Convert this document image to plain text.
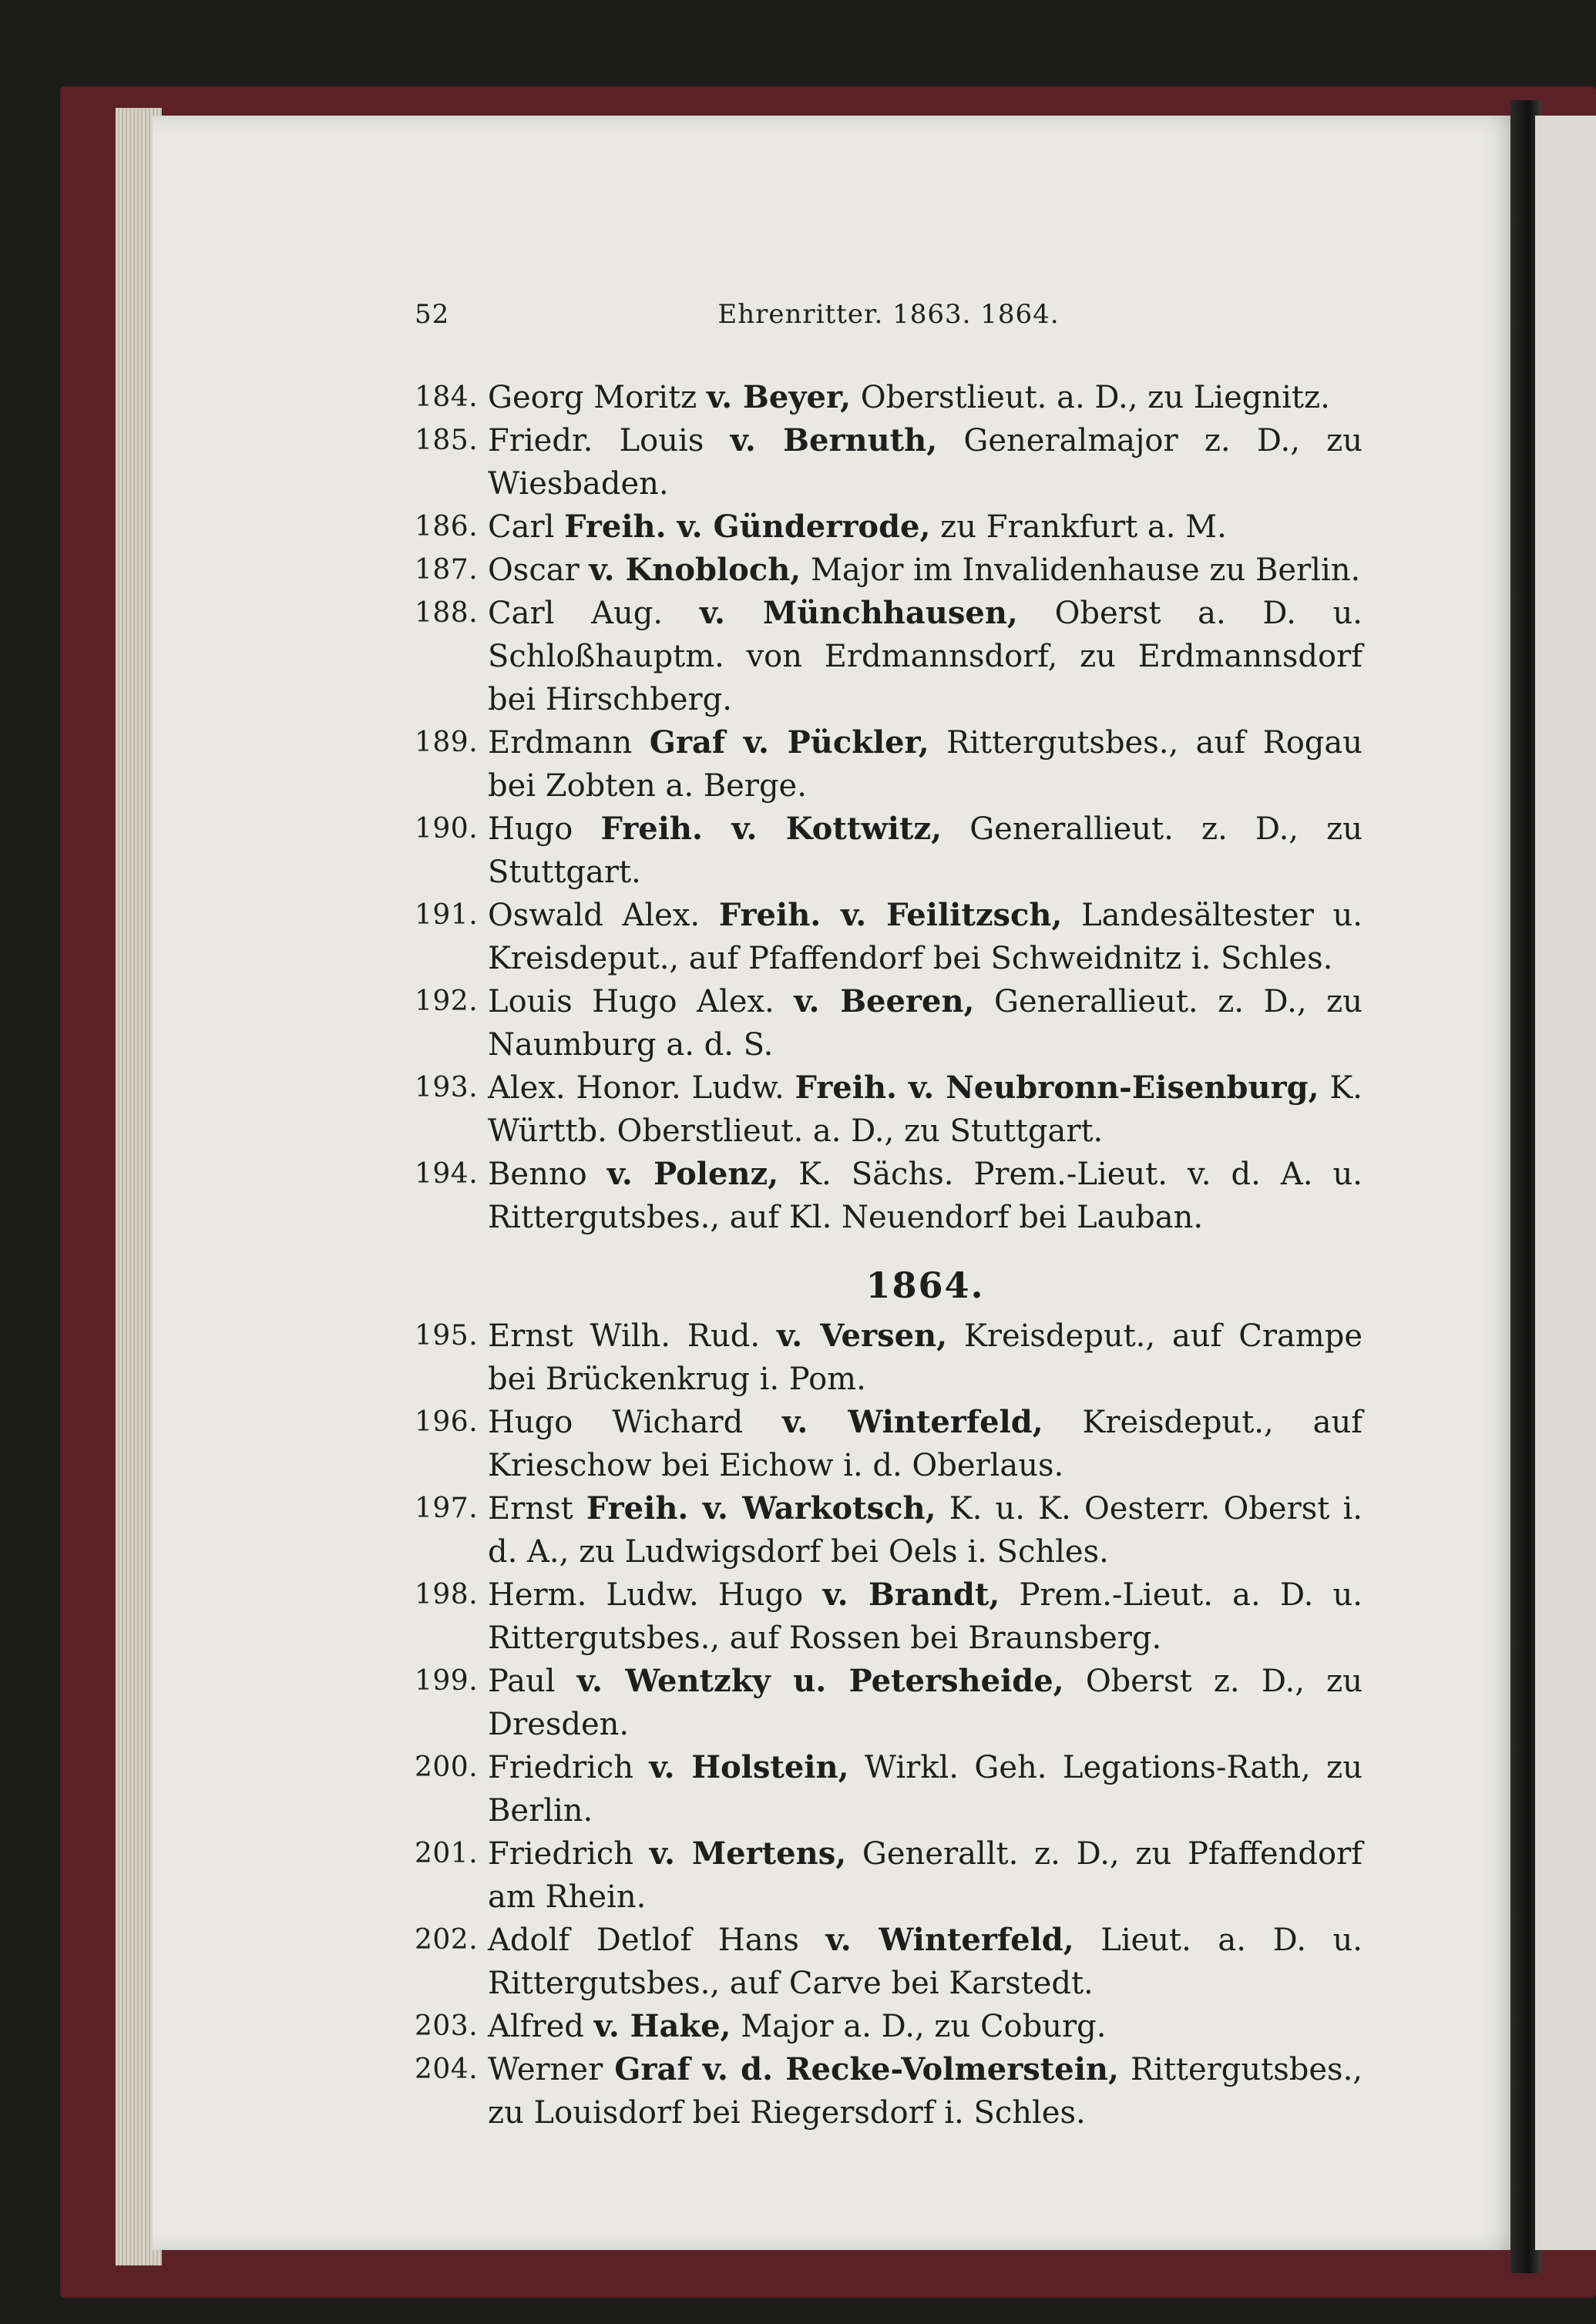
52	Ehrenritter. 1863. 1864.
184. Georg Moritz v. Beyer, Oberstlieut. a. D., zu Liegnitz.
185. Friedr. Louis v. Bernuth, Generalmajor z. D., zu Wiesbaden.
186. Carl Freih. v. Günderrode, zu Frankfurt a. M.
187. Oscar v. Knobloch, Major im Invalidenhause zu Berlin.
188. Carl Aug. v. Münchhausen, Oberst a. D. u. Schloßhauptm. von Erdmannsdorf, zu Erdmannsdorf bei Hirschberg.
189. Erdmann Graf v. Pückler, Rittergutsbes., auf Rogau bei Zobten a. Berge.
190. Hugo Freih. v. Kottwitz, Generallieut. z. D., zu Stuttgart.
191. Oswald Alex. Freih. v. Feilitzsch, Landesältester u. Kreisdeput., auf Pfaffendorf bei Schweidnitz i. Schles.
192. Louis Hugo Alex. v. Beeren, Generallieut. z. D., zu Naumburg a. d. S.
193. Alex. Honor. Ludw. Freih. v. Neubronn-Eisenburg, K. Württb. Oberstlieut. a. D., zu Stuttgart.
194. Benno v. Polenz, K. Sächs. Prem.-Lieut. v. d. A. u. Rittergutsbes., auf Kl. Neuendorf bei Lauban.
1864.
195. Ernst Wilh. Rud. v. Versen, Kreisdeput., auf Crampe bei Brückenkrug i. Pom.
196. Hugo Wichard v. Winterfeld, Kreisdeput., auf Krieschow bei Eichow i. d. Oberlaus.
197. Ernst Freih. v. Warkotsch, K. u. K. Oesterr. Oberst i. d. A., zu Ludwigsdorf bei Oels i. Schles.
198. Herm. Ludw. Hugo v. Brandt, Prem.-Lieut. a. D. u. Rittergutsbes., auf Rossen bei Braunsberg.
199. Paul v. Wentzky u. Petersheide, Oberst z. D., zu Dresden.
200. Friedrich v. Holstein, Wirkl. Geh. Legations-Rath, zu Berlin.
201. Friedrich v. Mertens, Generallt. z. D., zu Pfaffendorf am Rhein.
202. Adolf Detlof Hans v. Winterfeld, Lieut. a. D. u. Rittergutsbes., auf Carve bei Karstedt.
203. Alfred v. Hake, Major a. D., zu Coburg.
204. Werner Graf v. d. Recke-Volmerstein, Rittergutsbes., zu Louisdorf bei Riegersdorf i. Schles.
